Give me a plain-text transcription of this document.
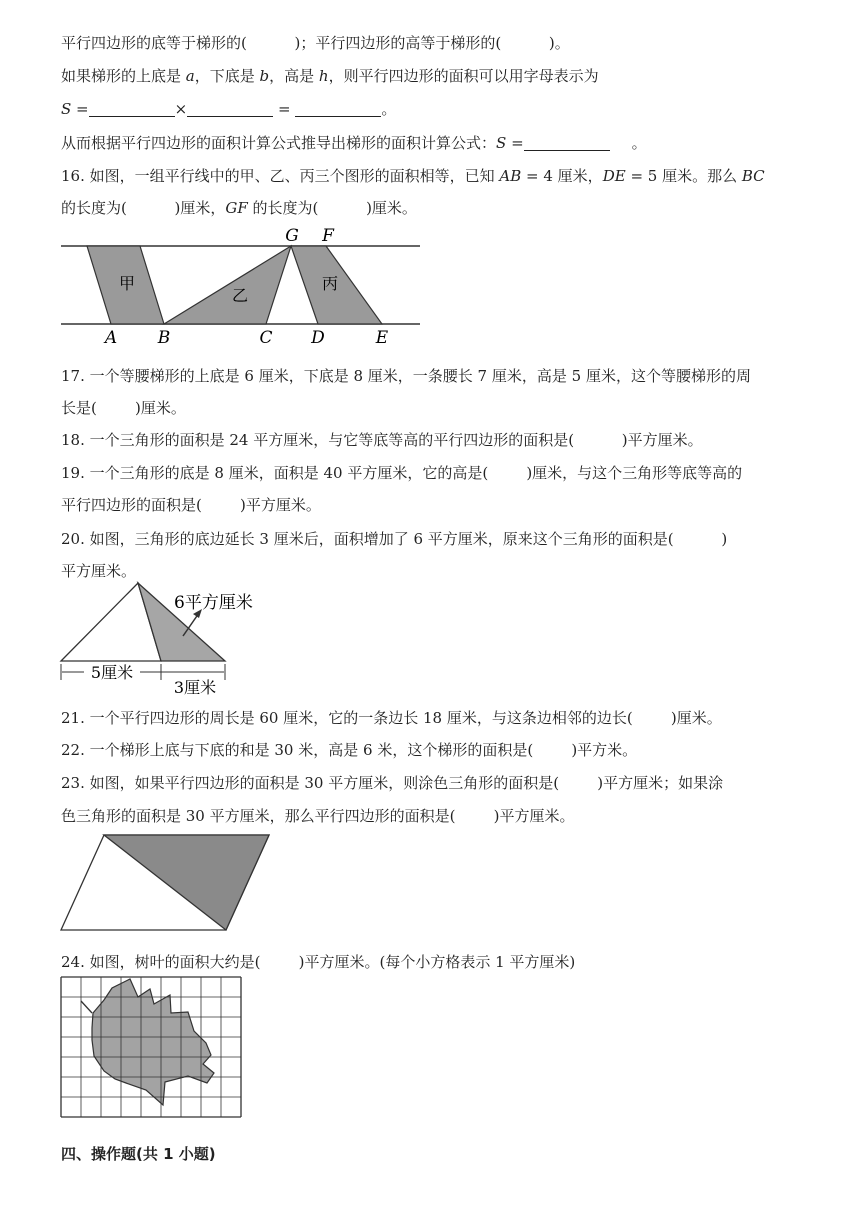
平行四边形的底等于梯形的(          )；平行四边形的高等于梯形的(          )。
如果梯形的上底是 a，下底是 b，高是 h，则平行四边形的面积可以用字母表示为
S =	×	=	。
从而根据平行四边形的面积计算公式推导出梯形的面积计算公式：S =	。
16. 如图，一组平行线中的甲、乙、丙三个图形的面积相等，已知 AB = 4 厘米，DE = 5 厘米。那么 BC
的长度为(          )厘米，GF 的长度为(          )厘米。
甲
乙
丙
A B	C D	E
G F
17. 一个等腰梯形的上底是 6 厘米，下底是 8 厘米，一条腰长 7 厘米，高是 5 厘米，这个等腰梯形的周
长是(        )厘米。
18. 一个三角形的面积是 24 平方厘米，与它等底等高的平行四边形的面积是(          )平方厘米。
19. 一个三角形的底是 8 厘米，面积是 40 平方厘米，它的高是(        )厘米，与这个三角形等底等高的
平行四边形的面积是(        )平方厘米。
20. 如图，三角形的底边延长 3 厘米后，面积增加了 6 平方厘米，原来这个三角形的面积是(          )
平方厘米。
6平方厘米
5厘米
3厘米
21. 一个平行四边形的周长是 60 厘米，它的一条边长 18 厘米，与这条边相邻的边长(        )厘米。
22. 一个梯形上底与下底的和是 30 米，高是 6 米，这个梯形的面积是(        )平方米。
23. 如图，如果平行四边形的面积是 30 平方厘米，则涂色三角形的面积是(        )平方厘米；如果涂
色三角形的面积是 30 平方厘米，那么平行四边形的面积是(        )平方厘米。
24. 如图，树叶的面积大约是(        )平方厘米。(每个小方格表示 1 平方厘米)
四、操作题(共 1 小题)
